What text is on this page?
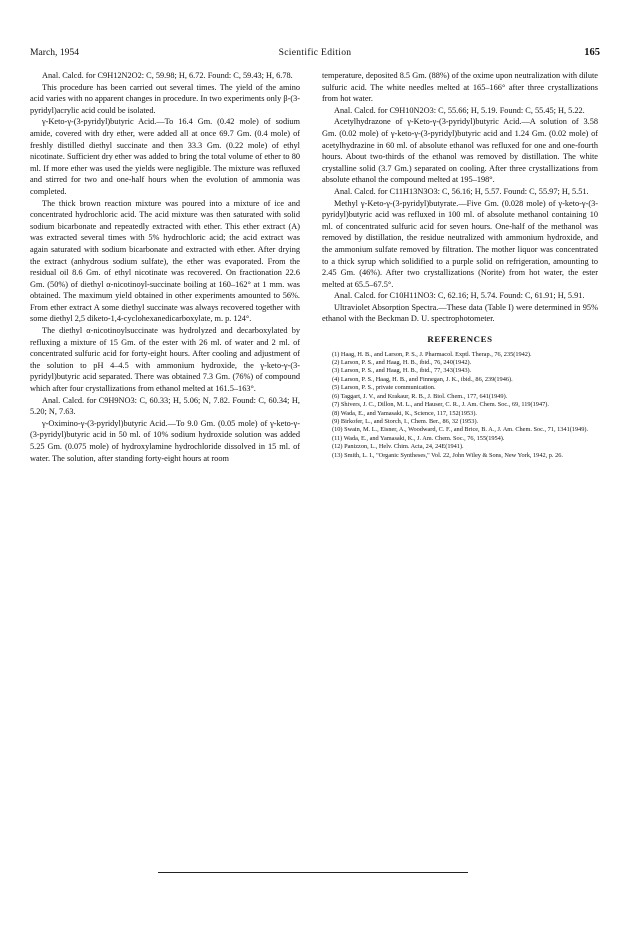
March, 1954	Scientific Edition	165

Anal. Calcd. for C9H12N2O2: C, 59.98; H, 6.72. Found: C, 59.43; H, 6.78.

This procedure has been carried out several times. The yield of the amino acid varies with no apparent changes in procedure. In two experiments only β-(3-pyridyl)acrylic acid could be isolated.

γ-Keto-γ-(3-pyridyl)butyric Acid.—To 16.4 Gm. (0.42 mole) of sodium amide, covered with dry ether, were added all at once 69.7 Gm. (0.4 mole) of freshly distilled diethyl succinate and then 33.3 Gm. (0.22 mole) of ethyl nicotinate. Sufficient dry ether was added to bring the total volume of ether to 80 ml. If more ether was used the yields were negligible. The mixture was refluxed and stirred for two and one-half hours when the evolution of ammonia was completed.

The thick brown reaction mixture was poured into a mixture of ice and concentrated hydrochloric acid. The acid mixture was then saturated with solid sodium bicarbonate and repeatedly extracted with ether. This ether extract (A) was extracted several times with 5% hydrochloric acid; the acid extract was again saturated with sodium bicarbonate and extracted with ether. After drying the extract (anhydrous sodium sulfate), the ether was evaporated. From the residual oil 8.6 Gm. of ethyl nicotinate was recovered. On fractionation 22.6 Gm. (50%) of diethyl α-nicotinoyl-succinate boiling at 160–162° at 1 mm. was obtained. The maximum yield obtained in other experiments amounted to 56%. From ether extract A some diethyl succinate was always recovered together with some diethyl 2,5 diketo-1,4-cyclohexanedicarboxylate, m. p. 124°.

The diethyl α-nicotinoylsuccinate was hydrolyzed and decarboxylated by refluxing a mixture of 15 Gm. of the ester with 26 ml. of water and 2 ml. of concentrated sulfuric acid for forty-eight hours. After cooling and adjustment of the solution to pH 4–4.5 with ammonium hydroxide, the γ-keto-γ-(3-pyridyl)butyric acid separated. There was obtained 7.3 Gm. (76%) of compound which after four crystallizations from ethanol melted at 161.5–163°.

Anal. Calcd. for C9H9NO3: C, 60.33; H, 5.06; N, 7.82. Found: C, 60.34; H, 5.20; N, 7.63.

γ-Oximino-γ-(3-pyridyl)butyric Acid.—To 9.0 Gm. (0.05 mole) of γ-keto-γ-(3-pyridyl)butyric acid in 50 ml. of 10% sodium hydroxide solution was added 5.25 Gm. (0.075 mole) of hydroxylamine hydrochloride dissolved in 15 ml. of water. The solution, after standing forty-eight hours at room

temperature, deposited 8.5 Gm. (88%) of the oxime upon neutralization with dilute sulfuric acid. The white needles melted at 165–166° after three crystallizations from hot water.

Anal. Calcd. for C9H10N2O3: C, 55.66; H, 5.19. Found: C, 55.45; H, 5.22.

Acetylhydrazone of γ-Keto-γ-(3-pyridyl)butyric Acid.—A solution of 3.58 Gm. (0.02 mole) of γ-keto-γ-(3-pyridyl)butyric acid and 1.24 Gm. (0.02 mole) of acetylhydrazine in 60 ml. of absolute ethanol was refluxed for one and one-fourth hours. About two-thirds of the ethanol was removed by distillation. The white crystalline solid (3.7 Gm.) separated on cooling. After three crystallizations from absolute ethanol the compound melted at 195–198°.

Anal. Calcd. for C11H13N3O3: C, 56.16; H, 5.57. Found: C, 55.97; H, 5.51.

Methyl γ-Keto-γ-(3-pyridyl)butyrate.—Five Gm. (0.028 mole) of γ-keto-γ-(3-pyridyl)butyric acid was refluxed in 100 ml. of absolute methanol containing 10 ml. of concentrated sulfuric acid for seven hours. One-half of the methanol was removed by distillation, the residue neutralized with ammonium hydroxide, and the ammonium sulfate removed by filtration. The mother liquor was concentrated to a thick syrup which solidified to a purple solid on refrigeration, amounting to 2.45 Gm. (46%). After two crystallizations (Norite) from hot water, the ester melted at 65.5–67.5°.

Anal. Calcd. for C10H11NO3: C, 62.16; H, 5.74. Found: C, 61.91; H, 5.91.

Ultraviolet Absorption Spectra.—These data (Table I) were determined in 95% ethanol with the Beckman D. U. spectrophotometer.

REFERENCES
(1) Haag, H. B., and Larson, P. S., J. Pharmacol. Exptl. Therap., 76, 235(1942).
(2) Larson, P. S., and Haag, H. B., ibid., 76, 240(1942).
(3) Larson, P. S., and Haag, H. B., ibid., 77, 343(1943).
(4) Larson, P. S., Haag, H. B., and Finnegan, J. K., ibid., 86, 239(1946).
(5) Larson, P. S., private communication.
(6) Taggart, J. V., and Krakaur, R. B., J. Biol. Chem., 177, 641(1949).
(7) Shivers, J. C., Dillon, M. L., and Hauser, C. R., J. Am. Chem. Soc., 69, 119(1947).
(8) Wada, E., and Yamasaki, K., Science, 117, 152(1953).
(9) Birkofer, L., and Storch, I., Chem. Ber., 86, 32 (1953).
(10) Swain, M. L., Eisner, A., Woodward, C. F., and Brice, B. A., J. Am. Chem. Soc., 71, 1341(1949).
(11) Wada, E., and Yamasaki, K., J. Am. Chem. Soc., 76, 155(1954).
(12) Panizzon, L., Helv. Chim. Acta, 24, 24E(1941).
(13) Smith, L. I., "Organic Syntheses," Vol. 22, John Wiley & Sons, New York, 1942, p. 26.
